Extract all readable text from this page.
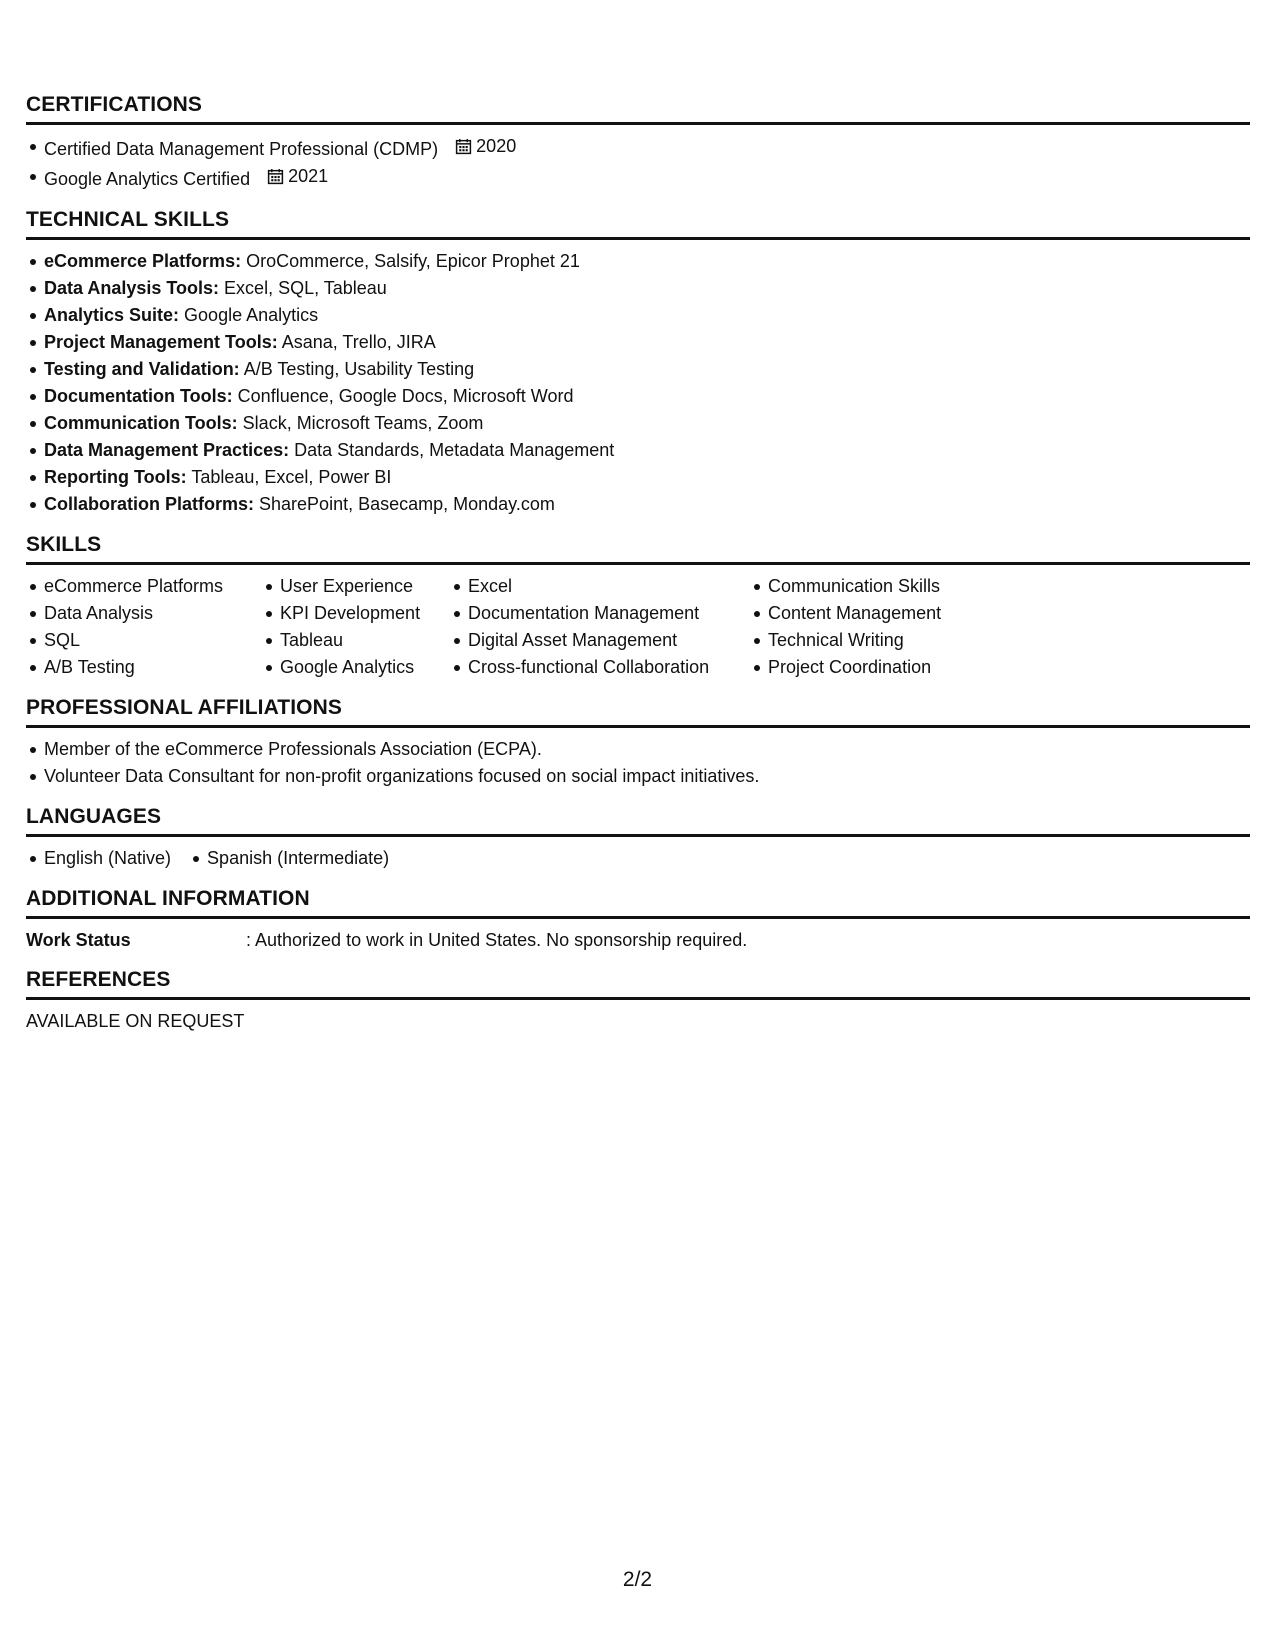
CERTIFICATIONS
Certified Data Management Professional (CDMP) 2020
Google Analytics Certified 2021
TECHNICAL SKILLS
eCommerce Platforms: OroCommerce, Salsify, Epicor Prophet 21
Data Analysis Tools: Excel, SQL, Tableau
Analytics Suite: Google Analytics
Project Management Tools: Asana, Trello, JIRA
Testing and Validation: A/B Testing, Usability Testing
Documentation Tools: Confluence, Google Docs, Microsoft Word
Communication Tools: Slack, Microsoft Teams, Zoom
Data Management Practices: Data Standards, Metadata Management
Reporting Tools: Tableau, Excel, Power BI
Collaboration Platforms: SharePoint, Basecamp, Monday.com
SKILLS
eCommerce Platforms
Data Analysis
SQL
A/B Testing
User Experience
KPI Development
Tableau
Google Analytics
Excel
Documentation Management
Digital Asset Management
Cross-functional Collaboration
Communication Skills
Content Management
Technical Writing
Project Coordination
PROFESSIONAL AFFILIATIONS
Member of the eCommerce Professionals Association (ECPA).
Volunteer Data Consultant for non-profit organizations focused on social impact initiatives.
LANGUAGES
English (Native) Spanish (Intermediate)
ADDITIONAL INFORMATION
Work Status	: Authorized to work in United States. No sponsorship required.
REFERENCES
AVAILABLE ON REQUEST
2/2
